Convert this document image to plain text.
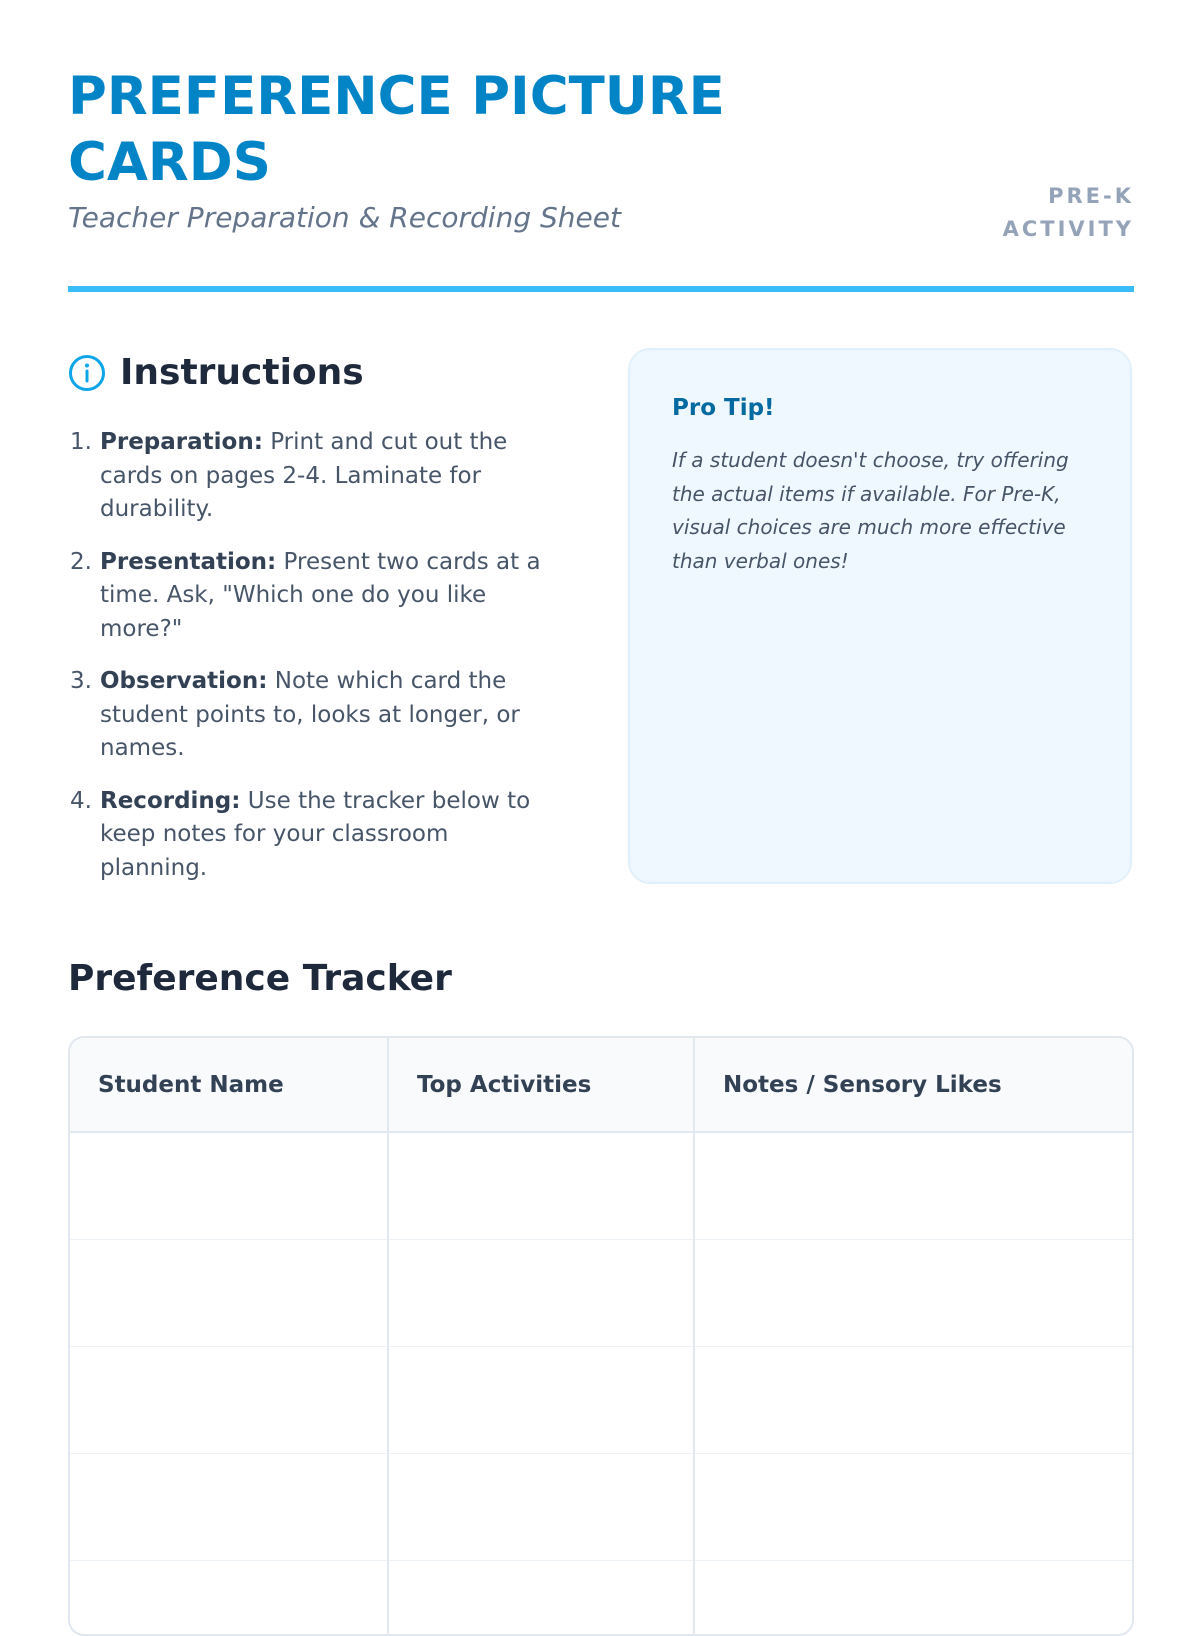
PREFERENCE PICTURE CARDS
Teacher Preparation & Recording Sheet
PRE-K
ACTIVITY
Instructions
1. Preparation: Print and cut out the cards on pages 2-4. Laminate for durability.
2. Presentation: Present two cards at a time. Ask, "Which one do you like more?"
3. Observation: Note which card the student points to, looks at longer, or names.
4. Recording: Use the tracker below to keep notes for your classroom planning.
Pro Tip!

If a student doesn't choose, try offering the actual items if available. For Pre-K, visual choices are much more effective than verbal ones!

Preference Tracker
Student Name	Top Activities	Notes / Sensory Likes
